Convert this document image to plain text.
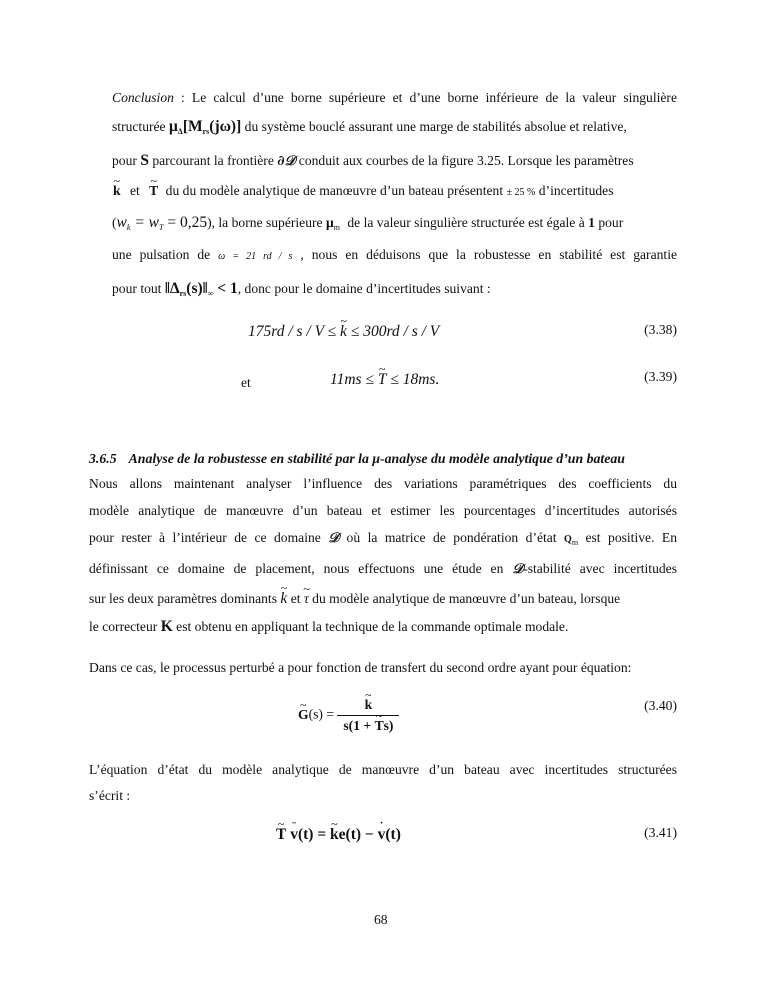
Conclusion : Le calcul d’une borne supérieure et d’une borne inférieure de la valeur singulière
structurée $\mu_\Delta[M_{rs}(j\omega)]$ du système bouclé assurant une marge de stabilités absolue et relative,
pour S parcourant la frontière ∂𝒟 conduit aux courbes de la figure 3.25. Lorsque les paramètres
~ k et ~ T du du modèle analytique de manœuvre d’un bateau présentent ± 25 % d’incertitudes
$(w_k = w_T = 0,25)$, la borne supérieure $\mu_m$ de la valeur singulière structurée est égale à 1 pour
une pulsation de ω = 21 rd / s , nous en déduisons que la robustesse en stabilité est garantie
pour tout $‖\Delta_{rs}(s)‖_\infty < 1$, donc pour le domaine d’incertitudes suivant :
175rd / s / V ≤ ~ k ≤ 300rd / s / V	(3.38)
et	11ms ≤ ~ T ≤ 18ms.	(3.39)
3.6.5 Analyse de la robustesse en stabilité par la μ-analyse du modèle analytique d’un bateau
Nous allons maintenant analyser l’influence des variations paramétriques des coefficients du
modèle analytique de manœuvre d’un bateau et estimer les pourcentages d’incertitudes autorisés
pour rester à l’intérieur de ce domaine 𝒟 où la matrice de pondération d’état $Q_m$ est positive. En
définissant ce domaine de placement, nous effectuons une étude en 𝒟-stabilité avec incertitudes
sur les deux paramètres dominants ~ k et ~ τ du modèle analytique de manœuvre d’un bateau, lorsque
le correcteur K est obtenu en appliquant la technique de la commande optimale modale.
Dans ce cas, le processus perturbé a pour fonction de transfert du second ordre ayant pour équation:
~ G(s) = ~ $\frac{k}{s(1 + \sim Ts)}$	(3.40)
L’équation d’état du modèle analytique de manœuvre d’un bateau avec incertitudes structurées
s’écrit :
~ T ¨ v(t) = ~ ke(t) − ˙ v(t)	(3.41)
68
